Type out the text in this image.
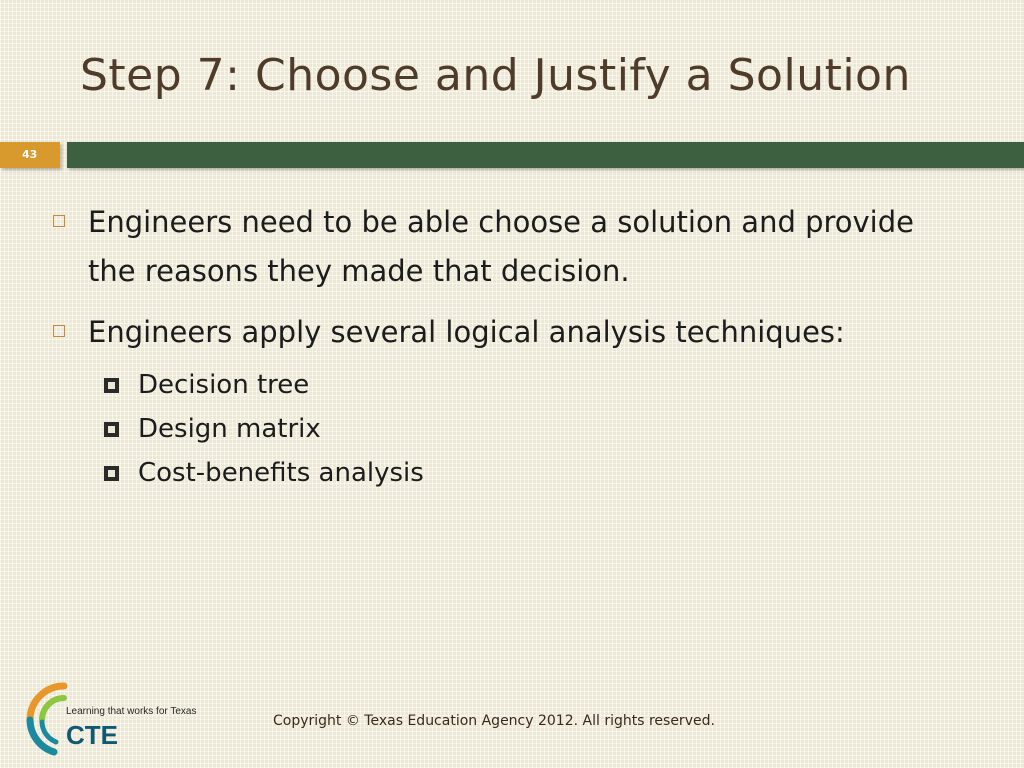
Step 7: Choose and Justify a Solution
43
Engineers need to be able choose a solution and provide the reasons they made that decision.
Engineers apply several logical analysis techniques:
Decision tree
Design matrix
Cost-benefits analysis
Learning that works for Texas
CTE	Copyright © Texas Education Agency 2012. All rights reserved.
